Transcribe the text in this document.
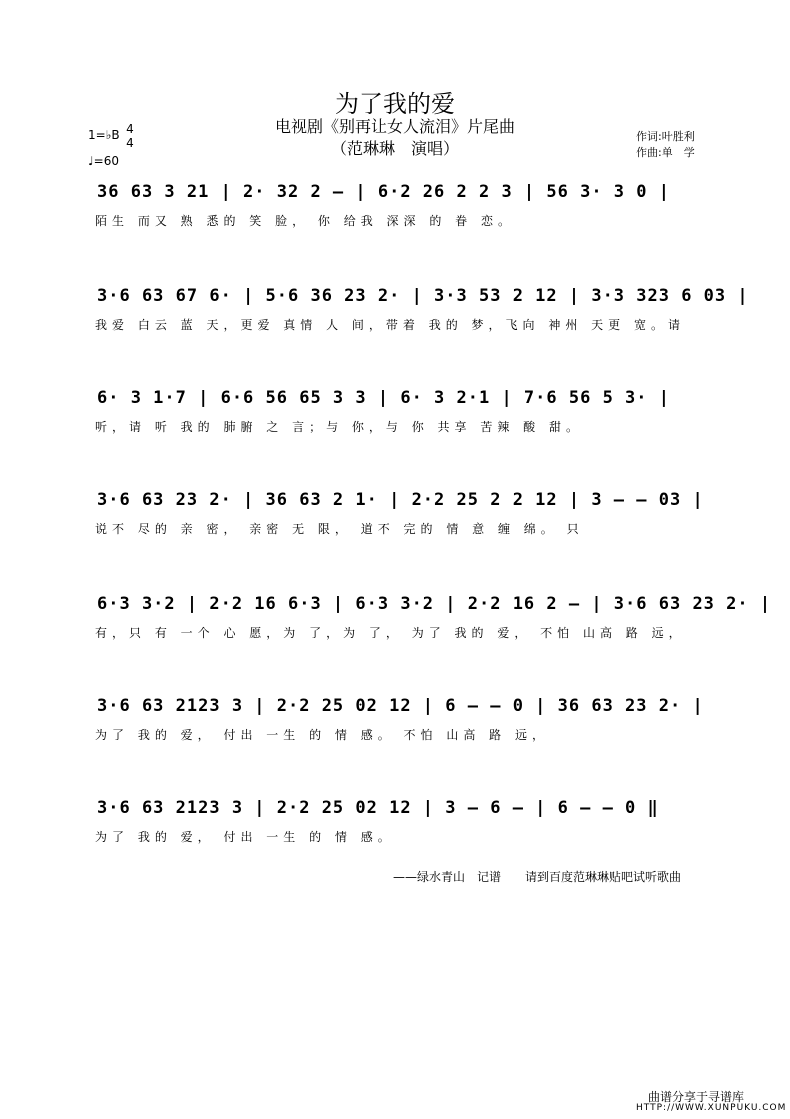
为了我的爱
电视剧《别再让女人流泪》片尾曲
（范琳琳　演唱）
作词:叶胜利
作曲:单　学
1=♭B 4
4
♩=60
36 63 3 21 | 2· 32 2 – | 6·2 26 2 2 3 | 56 3· 3 0 |
陌生 而又 熟 悉的 笑 脸， 你 给我 深深 的 眷 恋。
3·6 63 67 6· | 5·6 36 23 2· | 3·3 53 2 12 | 3·3 323 6 03 |
我爱 白云 蓝 天，更爱 真情 人 间，带着 我的 梦，飞向 神州 天更 宽。请
6· 3 1·7 | 6·6 56 65 3 3 | 6· 3 2·1 | 7·6 56 5 3· |
听，请 听 我的 肺腑 之 言；与 你，与 你 共享 苦辣 酸 甜。
3·6 63 23 2· | 36 63 2 1· | 2·2 25 2 2 12 | 3 – – 03 |
说不 尽的 亲 密， 亲密 无 限， 道不 完的 情 意 缠 绵。 只
6·3 3·2 | 2·2 16 6·3 | 6·3 3·2 | 2·2 16 2 – | 3·6 63 23 2· |
有，只 有 一个 心 愿，为 了，为 了， 为了 我的 爱， 不怕 山高 路 远，
3·6 63 2123 3 | 2·2 25 02 12 | 6 – – 0 | 36 63 23 2· |
为了 我的 爱， 付出 一生 的 情 感。 不怕 山高 路 远，
3·6 63 2123 3 | 2·2 25 02 12 | 3 – 6 – | 6 – – 0 ‖
为了 我的 爱， 付出 一生 的 情 感。
——绿水青山　记谱　　请到百度范琳琳贴吧试听歌曲
曲谱分享于寻谱库
HTTP://WWW.XUNPUKU.COM
